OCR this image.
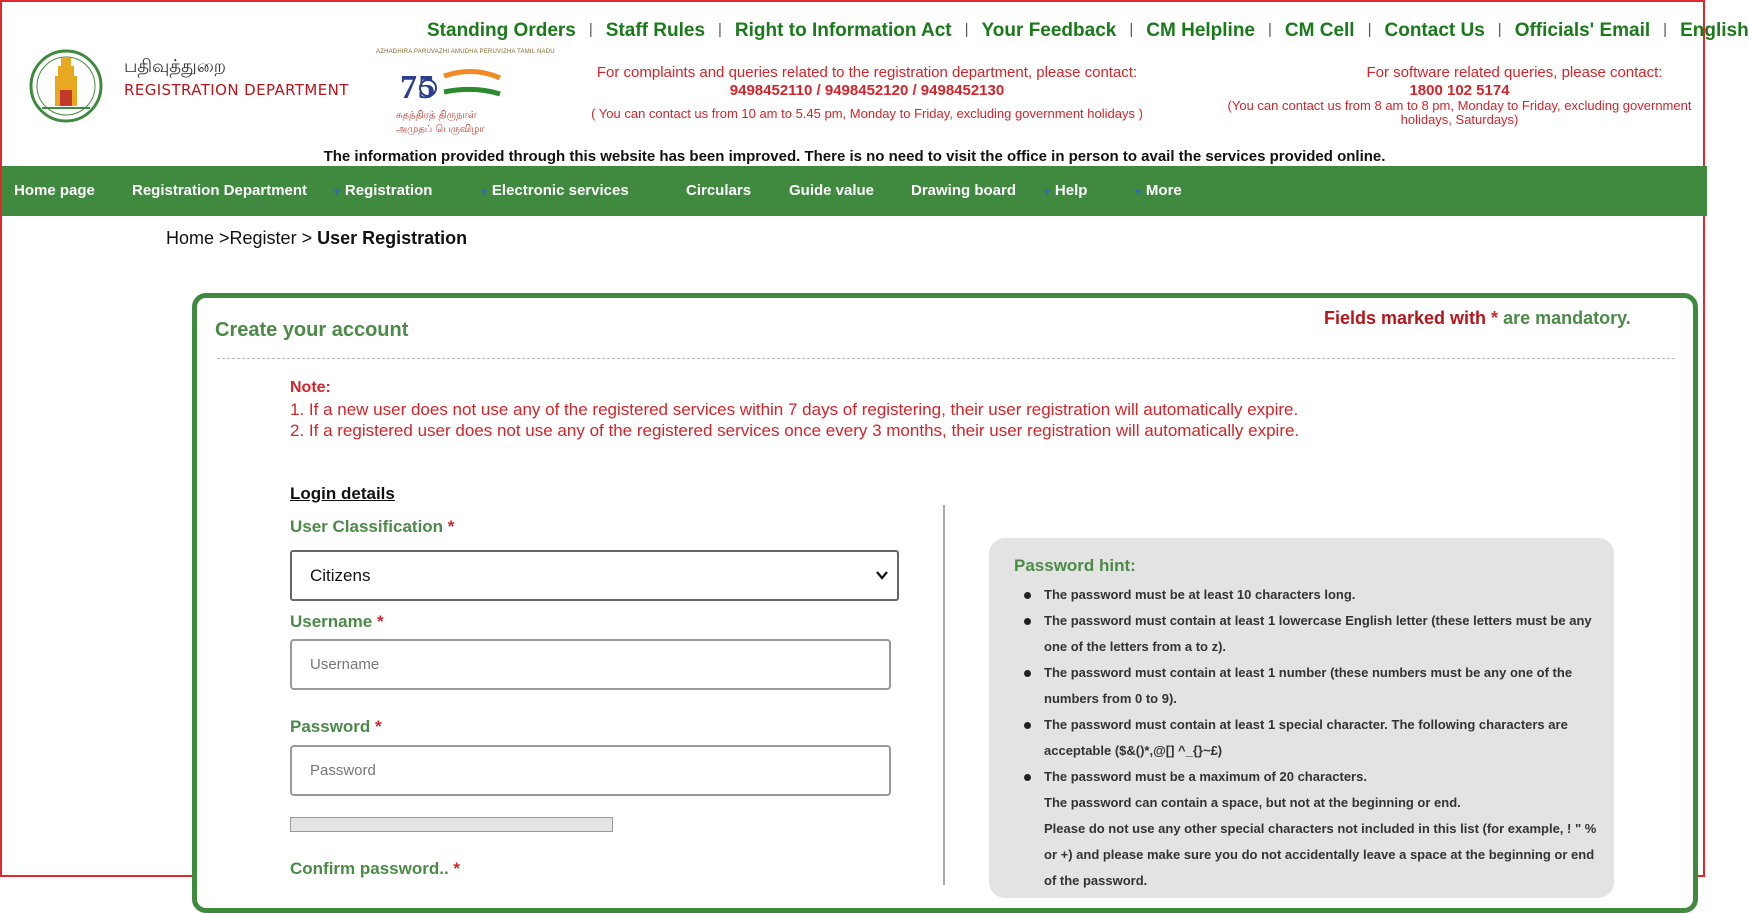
Standing Orders | Staff Rules | Right to Information Act | Your Feedback | CM Helpline | CM Cell | Contact Us | Officials' Email | English
பதிவுத்துறை
REGISTRATION DEPARTMENT
AZHADHIRA PARUVAZHI AMUDHA PERUVIZHA TAMIL NADU
7 5
சுதந்திரத் திருநாள்
அமுதப் பெருவிழா
For complaints and queries related to the registration department, please contact:
9498452110 / 9498452120 / 9498452130
( You can contact us from 10 am to 5.45 pm, Monday to Friday, excluding government holidays )
For software related queries, please contact:
1800 102 5174
(You can contact us from 8 am to 8 pm, Monday to Friday, excluding government holidays, Saturdays)
The information provided through this website has been improved. There is no need to visit the office in person to avail the services provided online.
Home page Registration Department ▼ Registration	▼ Electronic services	Circulars	Guide value Drawing board	▼ Help	▼ More
Home >Register > User Registration
Create your account
Fields marked with * are mandatory.
Note:
1. If a new user does not use any of the registered services within 7 days of registering, their user registration will automatically expire.
2. If a registered user does not use any of the registered services once every 3 months, their user registration will automatically expire.
Login details
User Classification *
Citizens
Username *
Username
Password *
Password
Confirm password.. *
Password hint:
The password must be at least 10 characters long.
The password must contain at least 1 lowercase English letter (these letters must be any one of the letters from a to z).
The password must contain at least 1 number (these numbers must be any one of the numbers from 0 to 9).
The password must contain at least 1 special character. The following characters are acceptable ($&()*,@[] ^_{}~£)
The password must be a maximum of 20 characters.
The password can contain a space, but not at the beginning or end.
Please do not use any other special characters not included in this list (for example, ! " % or +) and please make sure you do not accidentally leave a space at the beginning or end of the password.
